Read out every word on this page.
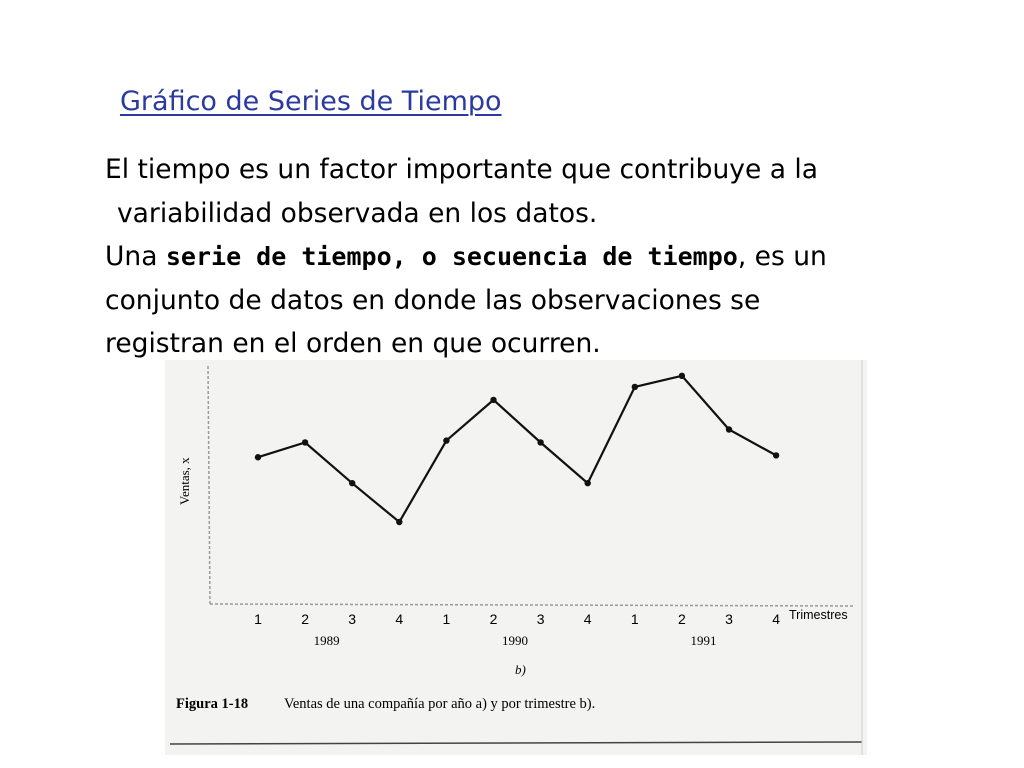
Gráfico de Series de Tiempo

El tiempo es un factor importante que contribuye a la

variabilidad observada en los datos.

Una serie de tiempo, o secuencia de tiempo, es un

conjunto de datos en donde las observaciones se

registran en el orden en que ocurren.

Ventas, x
1	2	3	4	1	2	3	4	1	2	3	4
1989	1990	1991
Trimestres
b)
Figura 1-18 Ventas de una compañía por año a) y por trimestre b).
